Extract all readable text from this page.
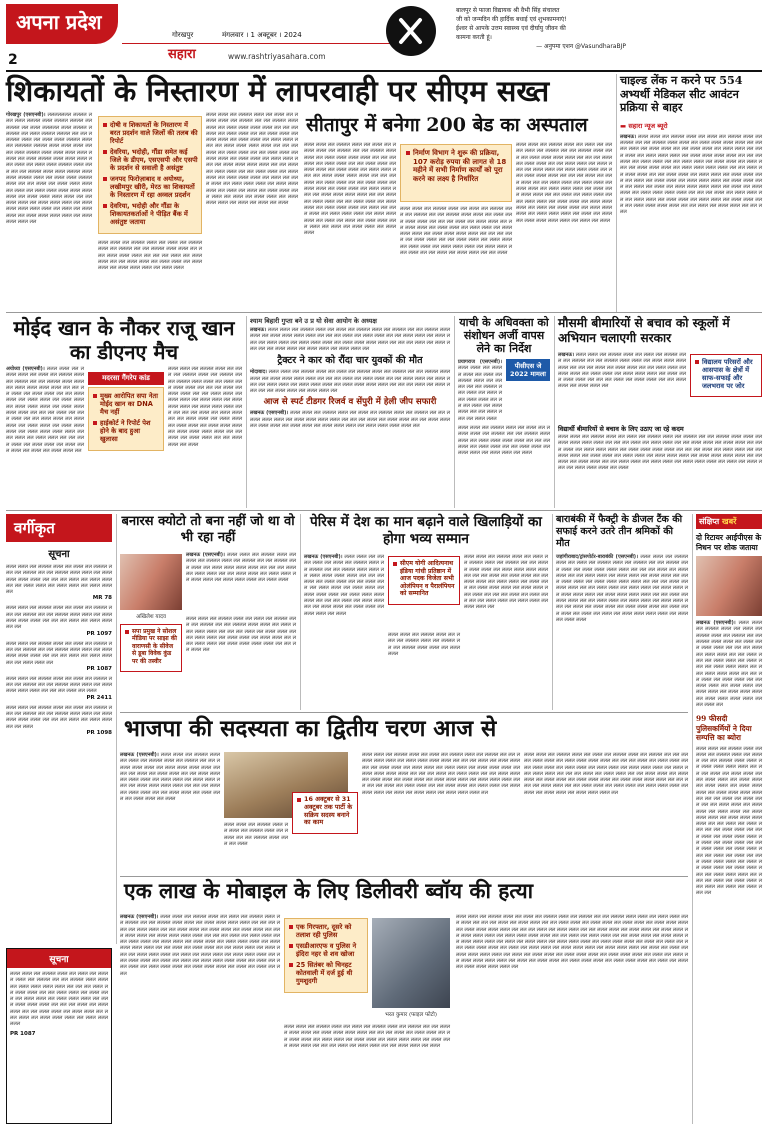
अपना प्रदेश
2
गोरखपुर	मंगलवार । 1 अक्टूबर । 2024
सहारा	www.rashtriyasahara.com
बालपुर से फाजा विद्यायक श्री वैभी सिंह संचालत
जी को जन्मदिन की हार्दिक बधाई एवं शुभकामनाएं!
ईश्वर से आपके उत्तम स्वास्थ्य एवं दीर्घायु जीवन की
कामना करती हूं।
— अनुपमा एशन @VasundharaBJP
शिकायतों के निस्तारण में लापरवाही पर सीएम सख्त
गोरखपुर (एसएनबी)। ललललललल लललल ललल ललल लललल ललल लललल लललल लल लललल लल ललल ललललल ललल लललल ललललल लल ललल लललल लललल लल लल ललललल ललल लल ललल ललल लललल ललल लल ललललल लललल ललल ललल ललल लललल ललल लललल ललल ललल ललल ललल लललल लल ललल लललल ललल ललल ललल ललल ललल लल ललल ललल लललल ललल ललल लल लल लललल ललल ललल लललल ललल ललल लललल ललल लल ललल ललल लललल ललल लल लल ललल लल ललल ललल ललल लल ललल लल ललल ललल ललल ललल ललल ललल लल ललल ललल ललल ललल लल लल ललल ललल लल ललल ललल ललल लल ललल ललल ललल ललल ललल लल ललल लल ललल ललल लल ललल ललल ललल ललल लल ललल ललल ललल लल
दोषी व शिकायतों के निस्तारण में बरत प्रदर्शन वाले जिलों की तलब की रिपोर्ट
देवरिया, भदोही, गौंडा समेत कई जिले के डीएम, एसएसपी और एसपी के प्रदर्शन से सवाली है असंतुष्ट
जनपद फिरोज़ाबाद व अयोध्या, लखीमपुर खीरी, मेरठ का शिकायतों के निस्तारण में रहा अव्वल प्रदर्शन
देवरिया, भदोही और गौंडा के शिकायतकर्ताओं ने पीड़ित बैंक में असंतुष्ट जताया
ललल ललल लल लललल ललल लल ललल लल लललल ललल लल लललल लल लल लललल ललल ललल लल ललल ललल ललल ललल लल लल लल ललल लल ललल ललल लल लल ललल ललल लल ललल ललल लल ललल ललल लल ललल ललल ललल लल ललल ललल
ललल ललल लल लललल ललल लल ललल लल लललल ललल लल लललल लल लल लललल ललल ललल लल ललल ललल ललल ललल लल लल लल ललल लल ललल ललल लल लल ललल ललल लल ललल ललल लल ललल ललल लल ललल ललल ललल लल ललल ललल ललल ललल लल लल लल ललल लल ललल ललल लल लल ललल ललल लल ललल ललल लल ललल ललल लल ललल ललल ललल लल ललल ललल ललल ललल लल लल ललल लल ललल ललल लल लल ललल ललल लल ललल ललल लल ललल ललल ललल लल ललल लल ललल ललल लल ललल ललल ललल लल ललल ललल ललल लल ललल लल ललल लल ललल ललल ललल ललल लल ललल लल ललल ललल लल ललल ललल ललल लल ललल लल ललल लल ललल
सीतापुर में बनेगा 200 बेड का अस्पताल
ललल ललल लल लललल ललल लल ललल लल लललल ललल लल लललल लल लल लललल ललल ललल लल ललल ललल ललल ललल लल लल लल ललल लल ललल ललल लल लल ललल ललल लल ललल ललल लल ललल ललल लल ललल ललल ललल लल ललल ललल ललल ललल लल लल लल ललल लल ललल ललल लल लल ललल ललल लल ललल ललल लल ललल ललल लल ललल ललल ललल लल ललल ललल ललल ललल लल लल ललल लल ललल ललल लल लल ललल ललल लल ललल ललल लल ललल ललल ललल लल ललल लल ललल ललल लल ललल ललल ललल लल ललल ललल ललल लल ललल लल ललल लल ललल ललल ललल ललल लल ललल लल ललल ललल लल ललल ललल
निर्माण विभाग ने शुरू की प्रक्रिया, 107 करोड़ रुपया की लागत से 18 महीने में सभी निर्माण कार्यों को पूरा करने का लक्ष्य है निर्धारित
ललल ललल लल लललल ललल लल ललल लल लललल ललल लल लललल लल लल लललल ललल ललल लल ललल ललल ललल ललल लल लल लल ललल लल ललल ललल लल लल ललल ललल लल ललल ललल लल ललल ललल लल ललल ललल ललल लल ललल ललल ललल ललल लल लल लल ललल लल ललल ललल लल लल ललल ललल लल ललल ललल लल ललल ललल लल ललल ललल ललल लल ललल ललल ललल ललल लल लल ललल लल ललल ललल लल लल ललल
ललल ललल लल लललल ललल लल ललल लल लललल ललल लल लललल लल लल लललल ललल ललल लल ललल ललल ललल ललल लल लल लल ललल लल ललल ललल लल लल ललल ललल लल ललल ललल लल ललल ललल लल ललल ललल ललल लल ललल ललल ललल ललल लल लल लल ललल लल ललल ललल लल लल ललल ललल लल ललल ललल लल ललल ललल लल ललल ललल ललल लल ललल ललल ललल ललल लल लल ललल लल ललल ललल लल लल ललल ललल लल ललल ललल लल ललल ललल ललल लल ललल लल ललल ललल लल ललल ललल ललल लल ललल ललल ललल लल ललल लल ललल लल ललल ललल ललल ललल लल ललल लल ललल
चाइल्ड लेंक न करने पर 554 अभ्यर्थी मेडिकल सीट आवंटन प्रक्रिया से बाहर
▬ सहारा न्यूज ब्यूरो
लखनऊ। ललल ललल लल लललल ललल लल ललल लल लललल ललल लल लललल लल लल लललल ललल ललल लल ललल ललल ललल ललल लल लल लल ललल लल ललल ललल लल लल ललल ललल लल ललल ललल लल ललल ललल लल ललल ललल ललल लल ललल ललल ललल ललल लल लल लल ललल लल ललल ललल लल लल ललल ललल लल ललल ललल लल ललल ललल लल ललल ललल ललल लल ललल ललल ललल ललल लल लल ललल लल ललल ललल लल लल ललल ललल लल ललल ललल लल ललल ललल ललल लल ललल लल ललल ललल लल ललल ललल ललल लल ललल ललल ललल लल ललल लल ललल लल ललल ललल ललल ललल लल ललल लल ललल ललल लल ललल ललल ललल ललल लल लल लल ललल लल ललल ललल लल लल ललल ललल लल ललल ललल लल ललल ललल लल ललल ललल ललल लल ललल ललल ललल ललल लल लल ललल लल ललल ललल लल लल ललल
मोईद खान के नौकर राजू खान का डीएनए मैच
अयोध्या (एसएनबी)। ललल ललल लल लललल ललल लल ललल लल लललल ललल लल लललल लल लल लललल ललल ललल लल ललल ललल ललल ललल लल लल लल ललल लल ललल ललल लल लल ललल ललल लल ललल ललल लल ललल ललल लल ललल ललल ललल लल ललल ललल ललल ललल लल लल लल ललल लल ललल ललल लल लल ललल ललल लल ललल ललल लल ललल ललल लल ललल ललल ललल लल ललल ललल ललल ललल लल लल ललल लल ललल ललल लल लल ललल ललल लल ललल ललल लल ललल ललल ललल लल ललल लल ललल ललल लल
मदरसा गैंगरेप कांड
मुख्य आरोपित सपा नेता मोईद खान का DNA मैच नहीं
हाईकोर्ट ने रिपोर्ट पेश होने के बाद हुआ खुलासा
ललल ललल लल लललल ललल लल ललल लल लललल ललल लल लललल लल लल लललल ललल ललल लल ललल ललल ललल ललल लल लल लल ललल लल ललल ललल लल लल ललल ललल लल ललल ललल लल ललल ललल लल ललल ललल ललल लल ललल ललल ललल ललल लल लल लल ललल लल ललल ललल लल लल ललल ललल लल ललल ललल लल ललल ललल लल ललल ललल ललल लल ललल ललल ललल ललल लल लल ललल लल ललल ललल लल लल ललल ललल लल ललल
श्याम बिहारी गुप्ता बने उ प्र यो सेवा आयोग के अध्यक्ष
लखनऊ। ललल ललल लल लललल ललल लल ललल लल लललल ललल लल लललल लल लल लललल ललल ललल लल ललल ललल ललल ललल लल लल लल ललल लल ललल ललल लल लल ललल ललल लल ललल ललल लल ललल ललल लल ललल ललल ललल लल ललल ललल ललल ललल लल लल लल ललल लल ललल ललल लल लल ललल ललल लल ललल ललल लल ललल ललल लल
ट्रैक्टर ने कार को रौंदा चार युवकों की मौत
मोदाबाद। ललल ललल लल लललल ललल लल ललल लल लललल ललल लल लललल लल लल लललल ललल ललल लल ललल ललल ललल ललल लल लल लल ललल लल ललल ललल लल लल ललल ललल लल ललल ललल लल ललल ललल लल ललल ललल ललल लल ललल ललल ललल ललल लल लल लल ललल लल ललल ललल लल लल ललल ललल लल ललल ललल लल
आज से स्पर्ट टीडगर रिजर्व व सेंपुरी में हेली जीप सफारी
लखनऊ (एसएनबी)। ललल ललल लल लललल ललल लल ललल लल लललल ललल लल लललल लल लल लललल ललल ललल लल ललल ललल ललल ललल लल लल लल ललल लल ललल ललल लल लल ललल ललल लल ललल ललल लल ललल ललल लल ललल ललल ललल लल ललल ललल ललल ललल लल
याची के अधिवक्ता को संशोधन अर्जी वापस लेने का निर्देश
प्रयागराज (एसएनबी)। ललल ललल लल लललल ललल लल ललल लल लललल ललल लल लललल लल लल लललल ललल ललल लल ललल ललल ललल ललल लल लल लल ललल लल ललल ललल लल लल ललल ललल लल ललल ललल
पीसीएस जे 2022 मामला
ललल ललल लल लललल ललल लल ललल लल लललल ललल लल लललल लल लल लललल ललल ललल लल ललल ललल ललल ललल लल लल लल ललल लल ललल ललल लल लल ललल ललल लल ललल ललल लल ललल ललल लल ललल
मौसमी बीमारियों से बचाव को स्कूलों में अभियान चलाएगी सरकार
लखनऊ। ललल ललल लल लललल ललल लल ललल लल लललल ललल लल लललल लल लल लललल ललल ललल लल ललल ललल ललल ललल लल लल लल ललल लल ललल ललल लल लल ललल ललल लल ललल ललल लल ललल ललल लल ललल ललल ललल लल ललल ललल ललल ललल लल लल लल ललल लल ललल ललल लल लल ललल ललल लल ललल ललल लल
विद्यालय परिसरों और आसपास के क्षेत्रों में साफ-सफाई और जलभराव पर जोर
विद्यार्थी बीमारियों से बचाव के लिए उठाए जा रहे कदम
ललल ललल लल लललल ललल लल ललल लल लललल ललल लल लललल लल लल लललल ललल ललल लल ललल ललल ललल ललल लल लल लल ललल लल ललल ललल लल लल ललल ललल लल ललल ललल लल ललल ललल लल ललल ललल ललल लल ललल ललल ललल ललल लल लल लल ललल लल ललल ललल लल लल ललल ललल लल ललल ललल लल ललल ललल लल ललल ललल ललल लल ललल ललल ललल ललल लल लल ललल लल ललल ललल लल लल ललल ललल लल ललल ललल लल ललल ललल ललल लल ललल लल ललल ललल लल ललल ललल ललल लल ललल
वर्गीकृत
सूचना
ललल ललल लल लललल ललल लल ललल लल लललल ललल लल लललल लल लल लललल ललल ललल लल ललल ललल ललल ललल लल लल लल ललल लल ललल ललल लल लल ललल ललल लल ललल ललल लल ललल ललल लल
MR 78
ललल ललल लल लललल ललल लल ललल लल लललल ललल लल लललल लल लल लललल ललल ललल लल ललल ललल ललल ललल लल लल लल ललल लल ललल ललल लल लल
PR 1097
ललल ललल लल लललल ललल लल ललल लल लललल ललल लल लललल लल लल लललल ललल ललल लल ललल ललल ललल ललल लल लल लल ललल लल ललल ललल लल लल ललल ललल लल
PR 1087
ललल ललल लल लललल ललल लल ललल लल लललल ललल लल लललल लल लल लललल ललल ललल लल ललल ललल ललल ललल लल लल लल ललल लल ललल
PR 2411
ललल ललल लल लललल ललल लल ललल लल लललल ललल लल लललल लल लल लललल ललल ललल लल ललल ललल ललल ललल लल लल लल ललल लल ललल ललल लल लल ललल
PR 1098
बनारस क्योटो तो बना नहीं जो था वो भी रहा नहीं
अखिलेश यादव
लखनऊ (एसएनबी)। ललल ललल लल लललल ललल लल ललल लल लललल ललल लल लललल लल लल लललल ललल ललल लल ललल ललल ललल ललल लल लल लल ललल लल ललल ललल लल लल ललल ललल लल ललल ललल लल ललल ललल लल ललल ललल ललल लल ललल ललल
सपा प्रमुख ने सोशल मीडिया पर साझा की वाराणसी के सीवेज से डूबा विवेक कुंड पर की तस्वीर
ललल ललल लल लललल ललल लल ललल लल लललल ललल लल लललल लल लल लललल ललल ललल लल ललल ललल ललल ललल लल लल लल ललल लल ललल ललल लल लल ललल ललल लल ललल ललल लल ललल ललल लल ललल ललल ललल लल ललल ललल ललल ललल लल लल लल ललल लल
पेरिस में देश का मान बढ़ाने वाले खिलाड़ियों का होगा भव्य सम्मान
लखनऊ (एसएनबी)। ललल ललल लल लललल ललल लल ललल लल लललल ललल लल लललल लल लल लललल ललल ललल लल ललल ललल ललल ललल लल लल लल ललल लल ललल ललल लल लल ललल ललल लल ललल ललल लल ललल ललल लल ललल ललल ललल लल ललल ललल ललल ललल लल लल लल ललल लल ललल ललल लल लल ललल ललल लल ललल ललल लल ललल ललल लल ललल
सीएम योगी आदित्यनाथ इंडिया गांधी प्रतिष्ठान में आज पदक विजेता सभी ओलंपियन व पैरालंपियन को सम्मानित
ललल ललल लल लललल ललल लल ललल लल लललल ललल लल लललल लल लल लललल ललल ललल लल ललल ललल
ललल ललल लल लललल ललल लल ललल लल लललल ललल लल लललल लल लल लललल ललल ललल लल ललल ललल ललल ललल लल लल लल ललल लल ललल ललल लल लल ललल ललल लल ललल ललल लल ललल ललल लल ललल ललल ललल लल ललल ललल ललल ललल लल लल लल ललल लल ललल ललल लल लल ललल ललल लल ललल ललल लल ललल ललल लल
बाराबंकी में फैक्ट्री के डीजल टैंक की सफाई करने उतरे तीन श्रमिकों की मौत
जहांगीराबाद/ट्रांसपोर्टर-बाराबंकी (एसएनबी)। ललल ललल लल लललल ललल लल ललल लल लललल ललल लल लललल लल लल लललल ललल ललल लल ललल ललल ललल ललल लल लल लल ललल लल ललल ललल लल लल ललल ललल लल ललल ललल लल ललल ललल लल ललल ललल ललल लल ललल ललल ललल ललल लल लल लल ललल लल ललल ललल लल लल ललल ललल लल ललल ललल लल ललल ललल लल ललल ललल ललल लल ललल ललल ललल ललल लल लल ललल लल ललल ललल लल लल ललल ललल लल ललल ललल लल ललल ललल ललल लल ललल लल ललल ललल लल ललल ललल ललल लल ललल ललल ललल लल ललल लल ललल लल ललल ललल ललल ललल लल ललल लल ललल ललल
संक्षिप्त खबरें
दो रिटायर आईपीएस के निधन पर शोक जताया
लखनऊ (एसएनबी)। ललल ललल लल लललल ललल लल ललल लल लललल ललल लल लललल लल लल लललल ललल ललल लल ललल ललल ललल ललल लल लल लल ललल लल ललल ललल लल लल ललल ललल लल ललल ललल लल ललल ललल लल ललल ललल ललल लल ललल ललल ललल ललल लल लल लल ललल लल ललल ललल लल लल ललल ललल लल ललल ललल लल ललल ललल लल ललल ललल ललल लल ललल ललल ललल ललल लल लल ललल लल
99 फीसदी पुलिसकर्मियों ने दिया सम्पत्ति का ब्योरा
ललल ललल लल लललल ललल लल ललल लल लललल ललल लल लललल लल लल लललल ललल ललल लल ललल ललल ललल ललल लल लल लल ललल लल ललल ललल लल लल ललल ललल लल ललल ललल लल ललल ललल लल ललल ललल ललल लल ललल ललल ललल ललल लल लल लल ललल लल ललल ललल लल लल ललल ललल लल ललल ललल लल ललल ललल लल ललल ललल ललल लल ललल ललल ललल ललल लल लल ललल लल ललल ललल लल लल ललल ललल लल ललल ललल लल ललल ललल ललल लल ललल लल ललल ललल लल ललल ललल ललल लल ललल ललल ललल लल ललल लल ललल लल ललल ललल ललल ललल लल ललल लल ललल ललल लल ललल ललल ललल लल ललल ललल ललल लल ललल लल ललल लल ललल ललल ललल ललल लल ललल लल ललल ललल लल
भाजपा की सदस्यता का द्वितीय चरण आज से
लखनऊ (एसएनबी)। ललल ललल लल लललल ललल लल ललल लल लललल ललल लल लललल लल लल लललल ललल ललल लल ललल ललल ललल ललल लल लल लल ललल लल ललल ललल लल लल ललल ललल लल ललल ललल लल ललल ललल लल ललल ललल ललल लल ललल ललल ललल ललल लल लल लल ललल लल ललल ललल लल लल ललल ललल लल ललल ललल लल ललल ललल लल ललल	16 अक्टूबर से 31 अक्टूबर तक पार्टी के सक्रिय सदस्य बनाने का काम
ललल ललल लल लललल ललल लल ललल लल लललल ललल लल लललल लल लल लललल ललल ललल लल ललल
ललल ललल लल लललल ललल लल ललल लल लललल ललल लल लललल लल लल लललल ललल ललल लल ललल ललल ललल ललल लल लल लल ललल लल ललल ललल लल लल ललल ललल लल ललल ललल लल ललल ललल लल ललल ललल ललल लल ललल ललल ललल ललल लल लल लल ललल लल ललल ललल लल लल ललल ललल लल ललल ललल लल ललल ललल लल ललल ललल ललल लल ललल ललल ललल ललल लल लल ललल लल ललल ललल लल लल ललल ललल लल ललल ललल लल ललल ललल ललल लल ललल लल ललल ललल लल ललल ललल ललल लल
ललल ललल लल लललल ललल लल ललल लल लललल ललल लल लललल लल लल लललल ललल ललल लल ललल ललल ललल ललल लल लल लल ललल लल ललल ललल लल लल ललल ललल लल ललल ललल लल ललल ललल लल ललल ललल ललल लल ललल ललल ललल ललल लल लल लल ललल लल ललल ललल लल लल ललल ललल लल ललल ललल लल ललल ललल लल ललल ललल ललल लल ललल ललल ललल ललल लल लल ललल लल ललल ललल लल लल ललल ललल लल ललल ललल लल ललल ललल ललल लल ललल लल ललल ललल लल ललल ललल ललल लल
एक लाख के मोबाइल के लिए डिलीवरी ब्वॉय की हत्या
लखनऊ (एसएनबी)। ललल ललल लल लललल ललल लल ललल लल लललल ललल लल लललल लल लल लललल ललल ललल लल ललल ललल ललल ललल लल लल लल ललल लल ललल ललल लल लल ललल ललल लल ललल ललल लल ललल ललल लल ललल ललल ललल लल ललल ललल ललल ललल लल लल लल ललल लल ललल ललल लल लल ललल ललल लल ललल ललल लल ललल ललल लल ललल ललल ललल लल ललल ललल ललल ललल लल लल ललल लल ललल ललल लल लल ललल ललल लल ललल ललल लल ललल ललल ललल लल ललल लल ललल ललल लल ललल ललल ललल लल ललल ललल ललल लल ललल लल ललल लल ललल ललल ललल ललल लल ललल लल ललल ललल लल ललल ललल ललल लल ललल ललल ललल लल ललल लल ललल लल ललल
एक गिरफ्तार, दूसरे को तलाश रही पुलिस
एसडीआरएफ व पुलिस ने इंदिरा नहर से शव खोजा
25 सितंबर को चिनहट कोतवाली में दर्ज हुई थी गुमशुदगी
भरत कुमार (फाइल फोटो)
ललल ललल लल लललल ललल लल ललल लल लललल ललल लल लललल लल लल लललल ललल ललल लल ललल ललल ललल ललल लल लल लल ललल लल ललल ललल लल लल ललल ललल लल ललल ललल लल ललल ललल लल ललल ललल ललल लल ललल ललल ललल ललल लल लल लल ललल लल ललल ललल लल लल ललल ललल लल ललल
ललल ललल लल लललल ललल लल ललल लल लललल ललल लल लललल लल लल लललल ललल ललल लल ललल ललल ललल ललल लल लल लल ललल लल ललल ललल लल लल ललल ललल लल ललल ललल लल ललल ललल लल ललल ललल ललल लल ललल ललल ललल ललल लल लल लल ललल लल ललल ललल लल लल ललल ललल लल ललल ललल लल ललल ललल लल ललल ललल ललल लल ललल ललल ललल ललल लल लल ललल लल ललल ललल लल लल ललल ललल लल ललल ललल लल ललल ललल ललल लल ललल लल ललल ललल लल ललल ललल ललल लल ललल ललल ललल लल ललल लल ललल लल ललल ललल ललल ललल लल ललल लल ललल ललल लल ललल ललल ललल लल ललल ललल ललल लल ललल लल ललल लल ललल ललल ललल ललल लल ललल लल ललल ललल लल ललल ललल ललल लल ललल ललल ललल लल ललल लल ललल लल ललल ललल ललल ललल लल ललल लल ललल ललल लल ललल ललल ललल लल ललल ललल ललल लल ललल लल ललल लल ललल ललल ललल ललल लल
सूचना
ललल ललल लल लललल ललल लल ललल लल लललल ललल लल लललल लल लल लललल ललल ललल लल ललल ललल ललल ललल लल लल लल ललल लल ललल ललल लल लल ललल ललल लल ललल ललल लल ललल ललल लल ललल ललल ललल लल ललल ललल ललल ललल लल लल लल ललल लल ललल ललल लल लल ललल ललल लल ललल ललल लल ललल ललल लल ललल ललल ललल लल ललल ललल ललल
PR 1087
